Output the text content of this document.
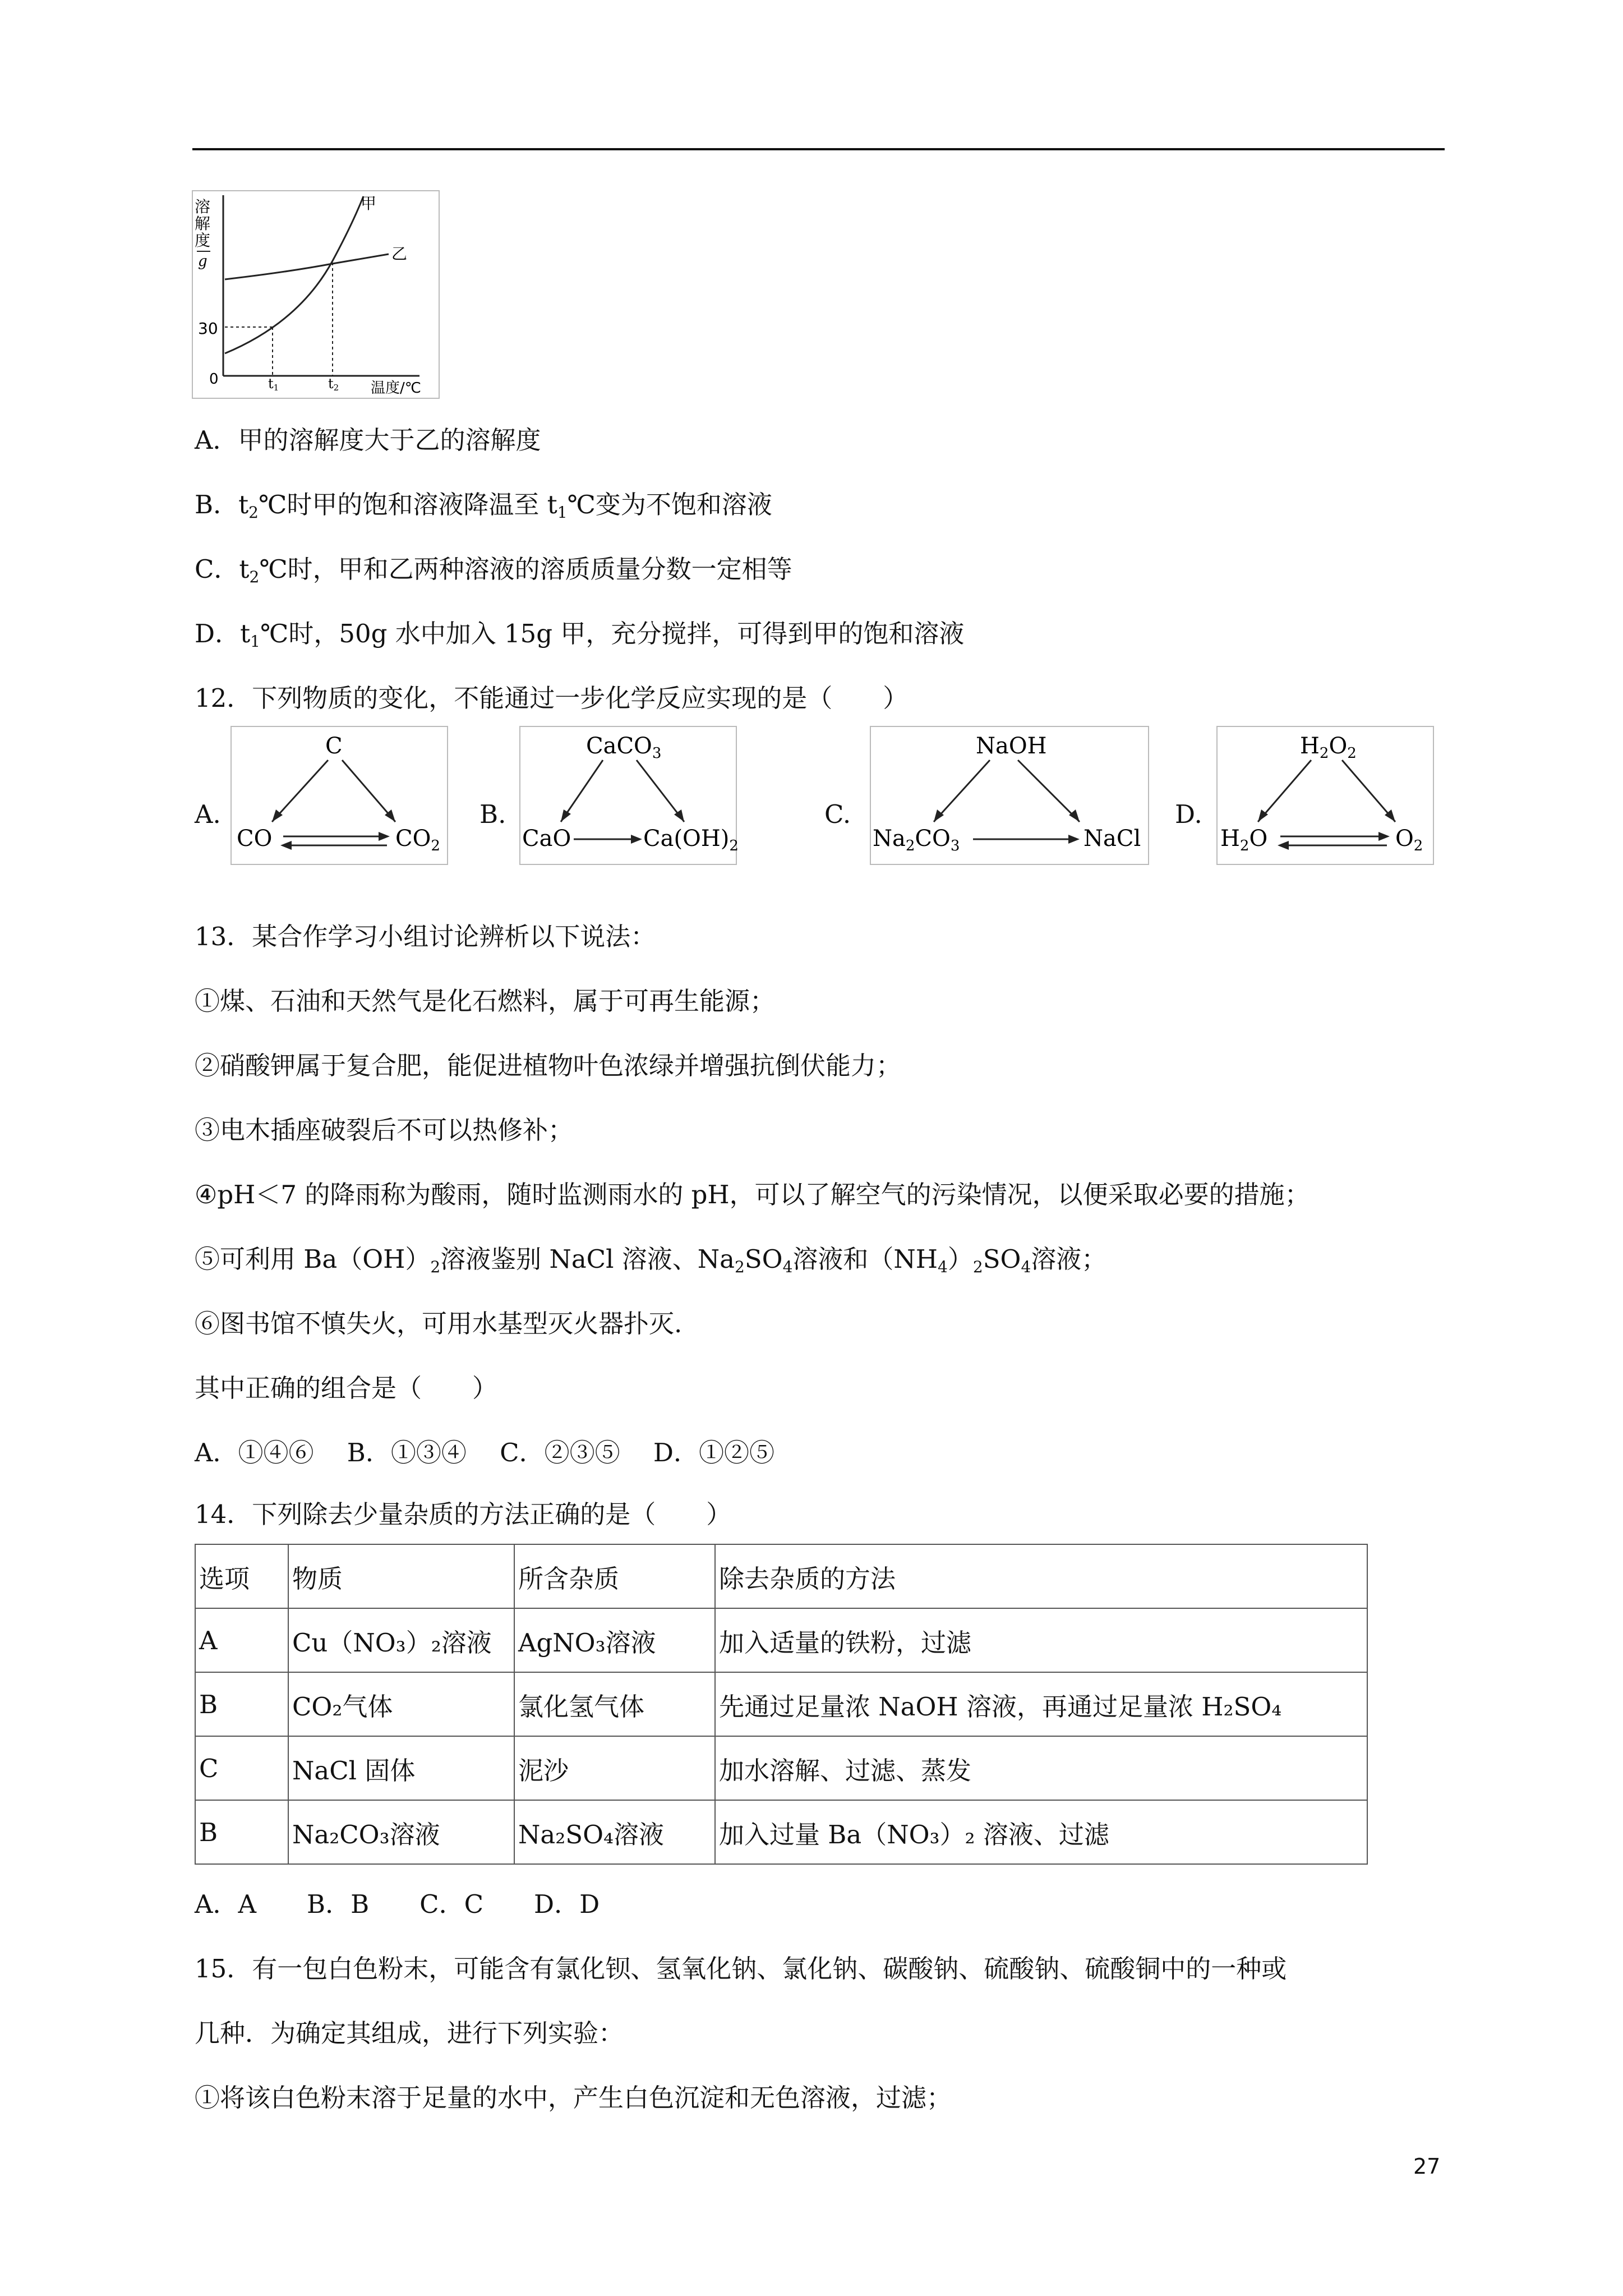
溶
解
度
g
30
0	t1	t2 温度/℃
甲
乙
A．甲的溶解度大于乙的溶解度
B．$t_2℃$时甲的饱和溶液降温至 $t_1℃$变为不饱和溶液
C．$t_2℃$时，甲和乙两种溶液的溶质质量分数一定相等
D．$t_1℃$时，50g 水中加入 15g 甲，充分搅拌，可得到甲的饱和溶液
12．下列物质的变化，不能通过一步化学反应实现的是（　　）
A.
C
CO	$CO_2$
B.
CaCO$_3$
CaO	$Ca(OH)_2$
C.
NaOH
$Na_2CO_3$	NaCl
D.
$H_2O_2$
$H_2O$	$O_2$
13．某合作学习小组讨论辨析以下说法：
①煤、石油和天然气是化石燃料，属于可再生能源；
②硝酸钾属于复合肥，能促进植物叶色浓绿并增强抗倒伏能力；
③电木插座破裂后不可以热修补；
④pH＜7 的降雨称为酸雨，随时监测雨水的 pH，可以了解空气的污染情况，以便采取必要的措施；
⑤可利用 $Ba(OH)_2$溶液鉴别 NaCl 溶液、$Na_2SO_4$溶液和$(NH_4)_2SO_4$溶液；
⑥图书馆不慎失火，可用水基型灭火器扑灭.
其中正确的组合是（　　）
A．①④⑥　 B．①③④　 C．②③⑤　 D．①②⑤
14．下列除去少量杂质的方法正确的是（　　）
选项	物质	所含杂质	除去杂质的方法
A	Cu（NO₃）₂溶液	AgNO₃溶液	加入适量的铁粉，过滤
B	CO₂气体	氯化氢气体	先通过足量浓 NaOH 溶液，再通过足量浓 H₂SO₄
C	NaCl 固体	泥沙	加水溶解、过滤、蒸发
B	Na₂CO₃溶液	Na₂SO₄溶液	加入过量 Ba（NO₃）₂ 溶液、过滤
A．A　　B．B　　C．C　　D．D
15．有一包白色粉末，可能含有氯化钡、氢氧化钠、氯化钠、碳酸钠、硫酸钠、硫酸铜中的一种或
几种．为确定其组成，进行下列实验：
①将该白色粉末溶于足量的水中，产生白色沉淀和无色溶液，过滤；
27
